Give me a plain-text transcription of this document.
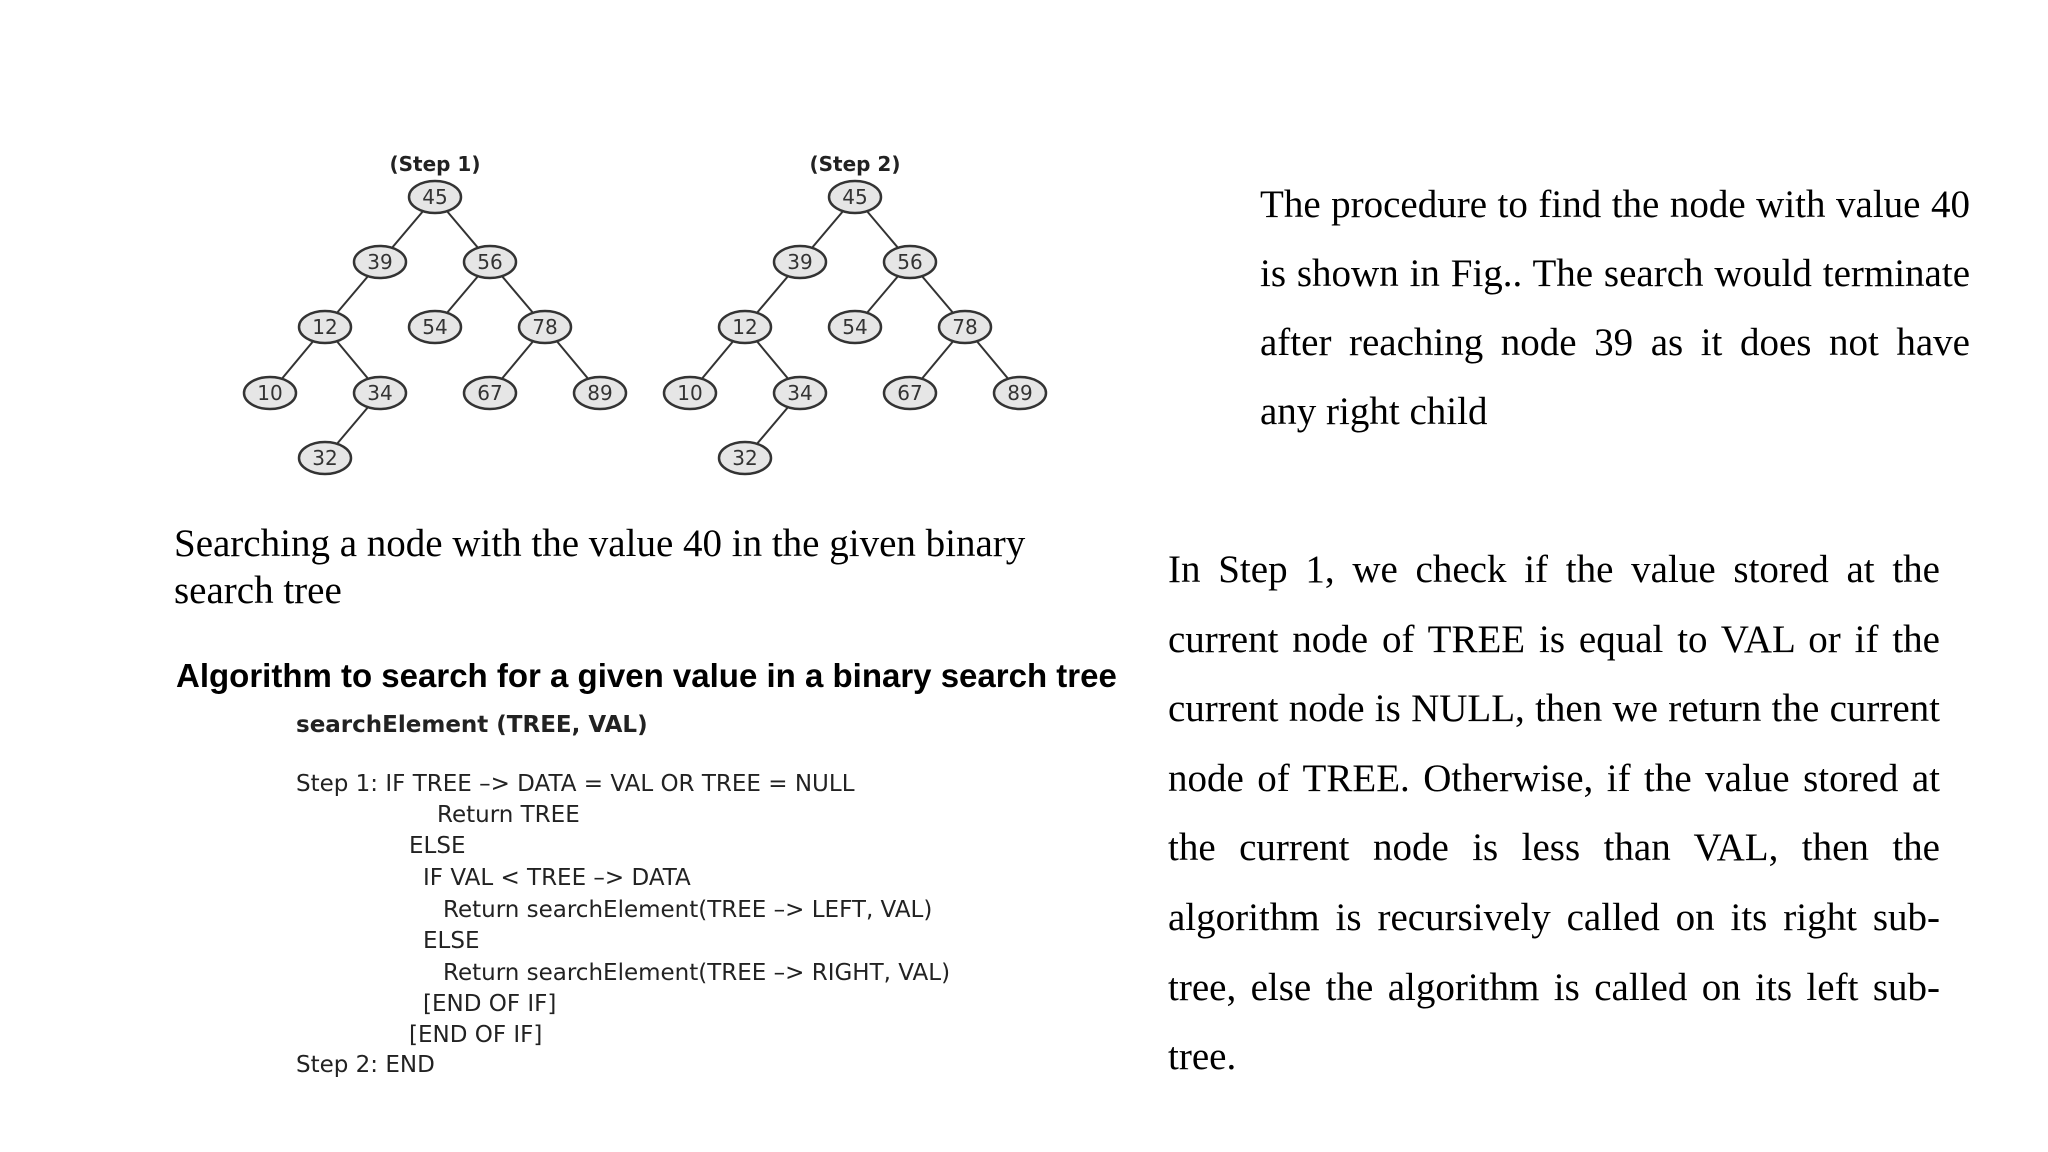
(Step 1)
45
39	56
12	54	78
10	34	67	89
32
(Step 2)
45
39	56
12	54	78
10	34	67	89
32

Searching a node with the value 40 in the given binary search tree

Algorithm to search for a given value in a binary search tree

searchElement (TREE, VAL)
Step 1: IF TREE –> DATA = VAL OR TREE = NULL
Return TREE
ELSE
IF VAL < TREE –> DATA
Return searchElement(TREE –> LEFT, VAL)
ELSE
Return searchElement(TREE –> RIGHT, VAL)
[END OF IF]
[END OF IF]
Step 2: END

The procedure to find the node with value 40 is shown in Fig.. The search would terminate after reaching node 39 as it does not have any right child

In Step 1, we check if the value stored at the current node of TREE is equal to VAL or if the current node is NULL, then we return the current node of TREE. Otherwise, if the value stored at the current node is less than VAL, then the algorithm is recursively called on its right sub-tree, else the algorithm is called on its left sub-tree.
